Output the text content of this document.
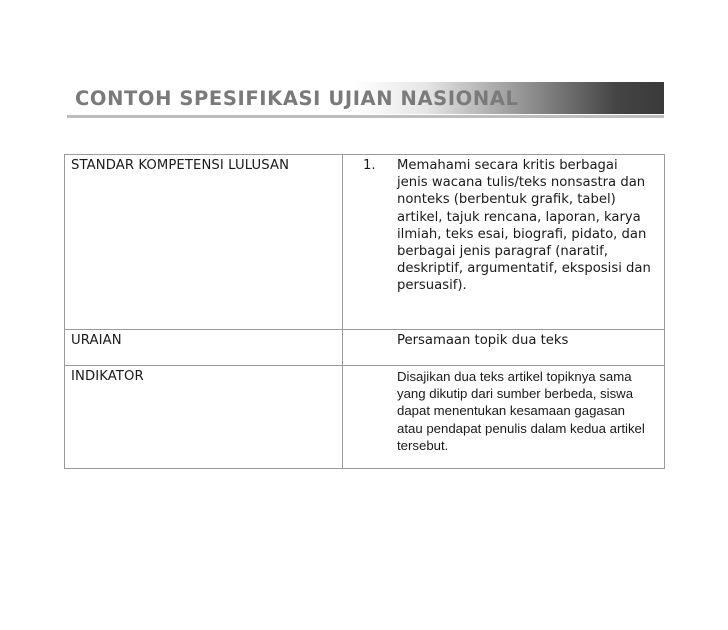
CONTOH SPESIFIKASI UJIAN NASIONAL
STANDAR KOMPETENSI LULUSAN	1. Memahami secara kritis berbagai jenis wacana tulis/teks nonsastra dan nonteks (berbentuk grafik, tabel) artikel, tajuk rencana, laporan, karya ilmiah, teks esai, biografi, pidato, dan berbagai jenis paragraf (naratif, deskriptif, argumentatif, eksposisi dan persuasif).
URAIAN	Persamaan topik dua teks
INDIKATOR	Disajikan dua teks artikel topiknya sama yang dikutip dari sumber berbeda, siswa dapat menentukan kesamaan gagasan atau pendapat penulis dalam kedua artikel tersebut.
